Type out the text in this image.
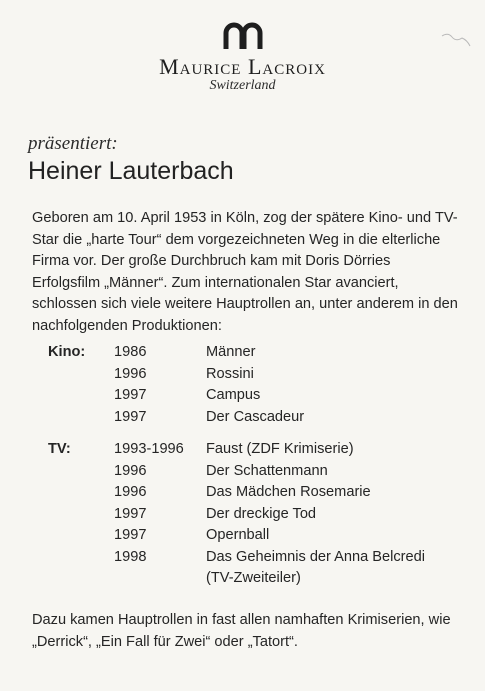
Maurice Lacroix
Switzerland
präsentiert:
Heiner Lauterbach
Geboren am 10. April 1953 in Köln, zog der spätere Kino- und TV-Star die „harte Tour“ dem vorgezeichneten Weg in die elterliche Firma vor. Der große Durchbruch kam mit Doris Dörries Erfolgsfilm „Männer“. Zum internationalen Star avanciert, schlossen sich viele weitere Hauptrollen an, unter anderem in den nachfolgenden Produktionen:
Kino: 1986	Männer
1996	Rossini
1997	Campus
1997	Der Cascadeur
TV:	1993-1996 Faust (ZDF Krimiserie)
1996	Der Schattenmann
1996	Das Mädchen Rosemarie
1997	Der dreckige Tod
1997	Opernball
1998	Das Geheimnis der Anna Belcredi
(TV-Zweiteiler)
Dazu kamen Hauptrollen in fast allen namhaften Krimiserien, wie „Derrick“, „Ein Fall für Zwei“ oder „Tatort“.
